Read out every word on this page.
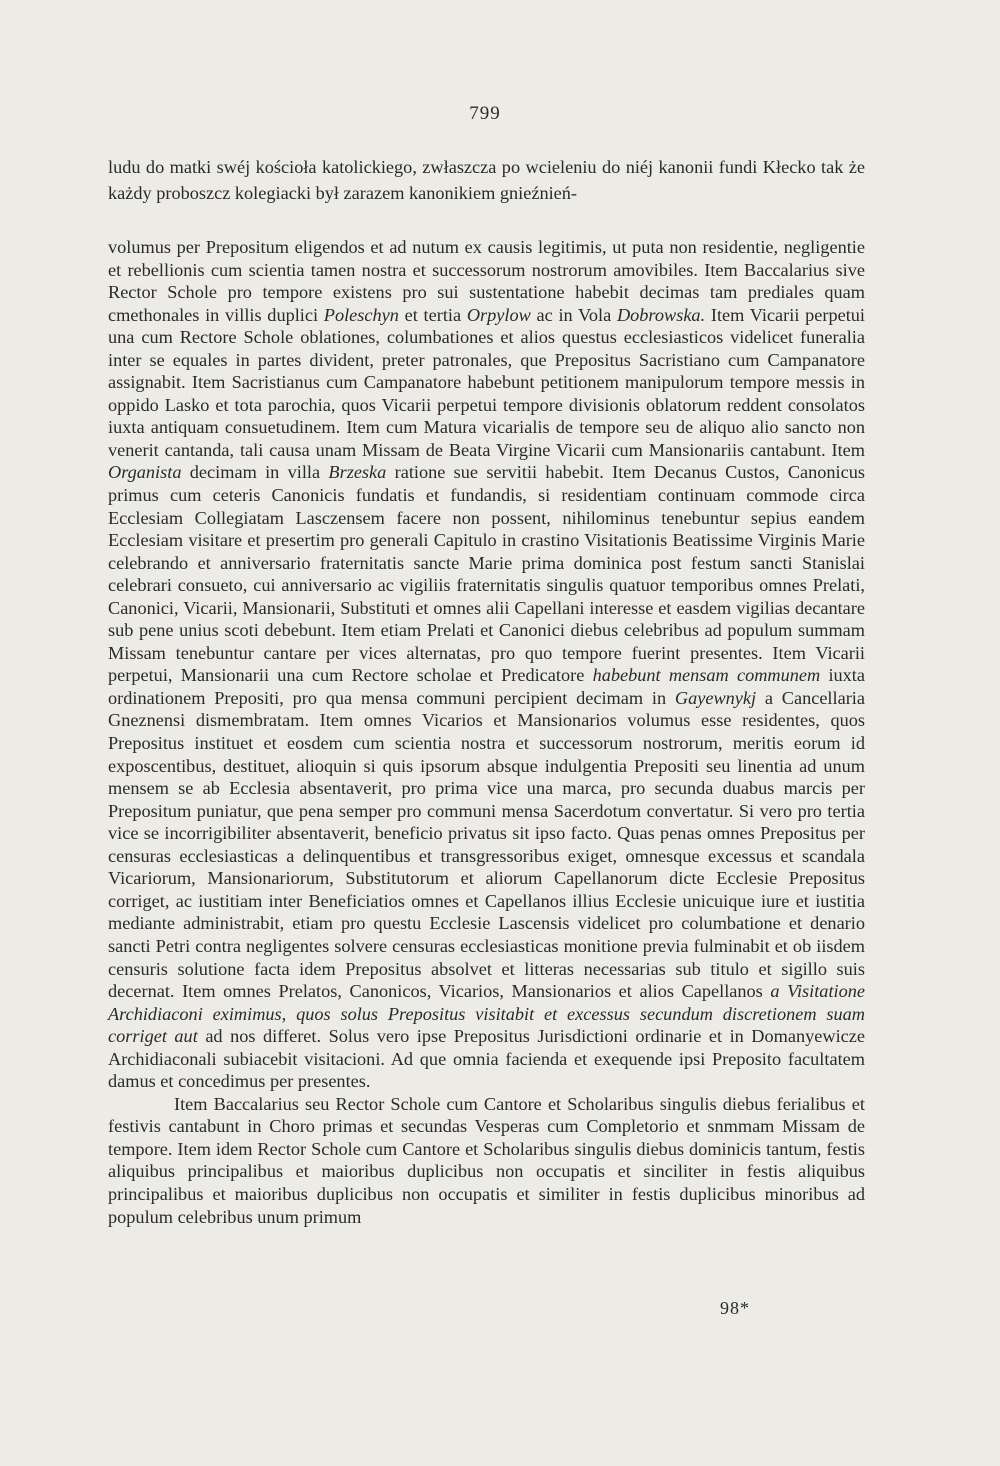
799

ludu do matki swéj kościoła katolickiego, zwłaszcza po wcieleniu do niéj kanonii fundi Kłecko tak że każdy proboszcz kolegiacki był zarazem kanonikiem gnieźnień-

volumus per Prepositum eligendos et ad nutum ex causis legitimis, ut puta non residentie, negligentie et rebellionis cum scientia tamen nostra et successorum nostrorum amovibiles. Item Baccalarius sive Rector Schole pro tempore existens pro sui sustentatione habebit decimas tam prediales quam cmethonales in villis duplici Poleschyn et tertia Orpylow ac in Vola Dobrowska. Item Vicarii perpetui una cum Rectore Schole oblationes, columbationes et alios questus ecclesiasticos videlicet funeralia inter se equales in partes divident, preter patronales, que Prepositus Sacristiano cum Campanatore assignabit. Item Sacristianus cum Campanatore habebunt petitionem manipulorum tempore messis in oppido Lasko et tota parochia, quos Vicarii perpetui tempore divisionis oblatorum reddent consolatos iuxta antiquam consuetudinem. Item cum Matura vicarialis de tempore seu de aliquo alio sancto non venerit cantanda, tali causa unam Missam de Beata Virgine Vicarii cum Mansionariis cantabunt. Item Organista decimam in villa Brzeska ratione sue servitii habebit. Item Decanus Custos, Canonicus primus cum ceteris Canonicis fundatis et fundandis, si residentiam continuam commode circa Ecclesiam Collegiatam Lasczensem facere non possent, nihilominus tenebuntur sepius eandem Ecclesiam visitare et presertim pro generali Capitulo in crastino Visitationis Beatissime Virginis Marie celebrando et anniversario fraternitatis sancte Marie prima dominica post festum sancti Stanislai celebrari consueto, cui anniversario ac vigiliis fraternitatis singulis quatuor temporibus omnes Prelati, Canonici, Vicarii, Mansionarii, Substituti et omnes alii Capellani interesse et easdem vigilias decantare sub pene unius scoti debebunt. Item etiam Prelati et Canonici diebus celebribus ad populum summam Missam tenebuntur cantare per vices alternatas, pro quo tempore fuerint presentes. Item Vicarii perpetui, Mansionarii una cum Rectore scholae et Predicatore habebunt mensam communem iuxta ordinationem Prepositi, pro qua mensa communi percipient decimam in Gayewnykj a Cancellaria Gneznensi dismembratam. Item omnes Vicarios et Mansionarios volumus esse residentes, quos Prepositus instituet et eosdem cum scientia nostra et successorum nostrorum, meritis eorum id exposcentibus, destituet, alioquin si quis ipsorum absque indulgentia Prepositi seu linentia ad unum mensem se ab Ecclesia absentaverit, pro prima vice una marca, pro secunda duabus marcis per Prepositum puniatur, que pena semper pro communi mensa Sacerdotum convertatur. Si vero pro tertia vice se incorrigibiliter absentaverit, beneficio privatus sit ipso facto. Quas penas omnes Prepositus per censuras ecclesiasticas a delinquentibus et transgressoribus exiget, omnesque excessus et scandala Vicariorum, Mansionariorum, Substitutorum et aliorum Capellanorum dicte Ecclesie Prepositus corriget, ac iustitiam inter Beneficiatios omnes et Capellanos illius Ecclesie unicuique iure et iustitia mediante administrabit, etiam pro questu Ecclesie Lascensis videlicet pro columbatione et denario sancti Petri contra negligentes solvere censuras ecclesiasticas monitione previa fulminabit et ob iisdem censuris solutione facta idem Prepositus absolvet et litteras necessarias sub titulo et sigillo suis decernat. Item omnes Prelatos, Canonicos, Vicarios, Mansionarios et alios Capellanos a Visitatione Archidiaconi eximimus, quos solus Prepositus visitabit et excessus secundum discretionem suam corriget aut ad nos differet. Solus vero ipse Prepositus Jurisdictioni ordinarie et in Domanyewicze Archidiaconali subiacebit visitacioni. Ad que omnia facienda et exequende ipsi Preposito facultatem damus et concedimus per presentes.

Item Baccalarius seu Rector Schole cum Cantore et Scholaribus singulis diebus ferialibus et festivis cantabunt in Choro primas et secundas Vesperas cum Completorio et snmmam Missam de tempore. Item idem Rector Schole cum Cantore et Scholaribus singulis diebus dominicis tantum, festis aliquibus principalibus et maioribus duplicibus non occupatis et sinciliter in festis aliquibus principalibus et maioribus duplicibus non occupatis et similiter in festis duplicibus minoribus ad populum celebribus unum primum

98*
